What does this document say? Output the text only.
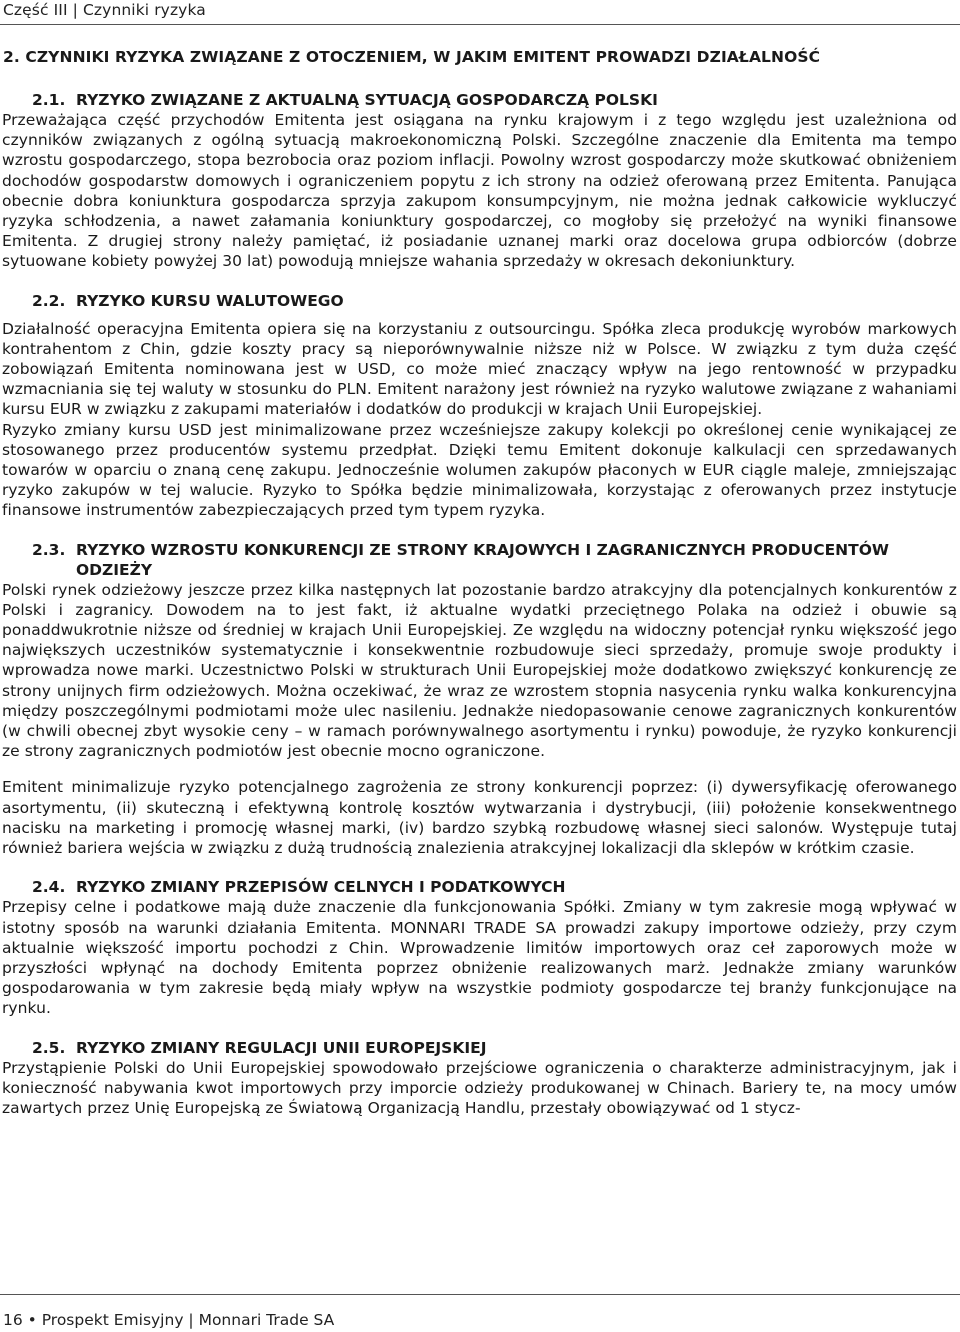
Część III | Czynniki ryzyka
2. CZYNNIKI RYZYKA ZWIĄZANE Z OTOCZENIEM, W JAKIM EMITENT PROWADZI DZIAŁALNOŚĆ
2.1. RYZYKO ZWIĄZANE Z AKTUALNĄ SYTUACJĄ GOSPODARCZĄ POLSKI

Przeważająca część przychodów Emitenta jest osiągana na rynku krajowym i z tego względu jest uzależniona od czynników związanych z ogólną sytuacją makroekonomiczną Polski. Szczególne znaczenie dla Emitenta ma tempo wzrostu gospodarczego, stopa bezrobocia oraz poziom inflacji. Powolny wzrost gospodarczy może skutkować obniżeniem dochodów gospodarstw domowych i ograniczeniem popytu z ich strony na odzież oferowaną przez Emitenta. Panująca obecnie dobra koniunktura gospodarcza sprzyja zakupom konsumpcyjnym, nie można jednak całkowicie wykluczyć ryzyka schłodzenia, a nawet załamania koniunktury gospodarczej, co mogłoby się przełożyć na wyniki finansowe Emitenta. Z drugiej strony należy pamiętać, iż posiadanie uznanej marki oraz docelowa grupa odbiorców (dobrze sytuowane kobiety powyżej 30 lat) powodują mniejsze wahania sprzedaży w okresach dekoniunktury.

2.2. RYZYKO KURSU WALUTOWEGO

Działalność operacyjna Emitenta opiera się na korzystaniu z outsourcingu. Spółka zleca produkcję wyrobów markowych kontrahentom z Chin, gdzie koszty pracy są nieporównywalnie niższe niż w Polsce. W związku z tym duża część zobowiązań Emitenta nominowana jest w USD, co może mieć znaczący wpływ na jego rentowność w przypadku wzmacniania się tej waluty w stosunku do PLN. Emitent narażony jest również na ryzyko walutowe związane z wahaniami kursu EUR w związku z zakupami materiałów i dodatków do produkcji w krajach Unii Europejskiej.

Ryzyko zmiany kursu USD jest minimalizowane przez wcześniejsze zakupy kolekcji po określonej cenie wynikającej ze stosowanego przez producentów systemu przedpłat. Dzięki temu Emitent dokonuje kalkulacji cen sprzedawanych towarów w oparciu o znaną cenę zakupu. Jednocześnie wolumen zakupów płaconych w EUR ciągle maleje, zmniejszając ryzyko zakupów w tej walucie. Ryzyko to Spółka będzie minimalizowała, korzystając z oferowanych przez instytucje finansowe instrumentów zabezpieczających przed tym typem ryzyka.

2.3. RYZYKO WZROSTU KONKURENCJI ZE STRONY KRAJOWYCH I ZAGRANICZNYCH PRODUCENTÓW ODZIEŻY

Polski rynek odzieżowy jeszcze przez kilka następnych lat pozostanie bardzo atrakcyjny dla potencjalnych konkurentów z Polski i zagranicy. Dowodem na to jest fakt, iż aktualne wydatki przeciętnego Polaka na odzież i obuwie są ponaddwukrotnie niższe od średniej w krajach Unii Europejskiej. Ze względu na widoczny potencjał rynku większość jego największych uczestników systematycznie i konsekwentnie rozbudowuje sieci sprzedaży, promuje swoje produkty i wprowadza nowe marki. Uczestnictwo Polski w strukturach Unii Europejskiej może dodatkowo zwiększyć konkurencję ze strony unijnych firm odzieżowych. Można oczekiwać, że wraz ze wzrostem stopnia nasycenia rynku walka konkurencyjna między poszczególnymi podmiotami może ulec nasileniu. Jednakże niedopasowanie cenowe zagranicznych konkurentów (w chwili obecnej zbyt wysokie ceny – w ramach porównywalnego asortymentu i rynku) powoduje, że ryzyko konkurencji ze strony zagranicznych podmiotów jest obecnie mocno ograniczone.

Emitent minimalizuje ryzyko potencjalnego zagrożenia ze strony konkurencji poprzez: (i) dywersyfikację oferowanego asortymentu, (ii) skuteczną i efektywną kontrolę kosztów wytwarzania i dystrybucji, (iii) położenie konsekwentnego nacisku na marketing i promocję własnej marki, (iv) bardzo szybką rozbudowę własnej sieci salonów. Występuje tutaj również bariera wejścia w związku z dużą trudnością znalezienia atrakcyjnej lokalizacji dla sklepów w krótkim czasie.

2.4. RYZYKO ZMIANY PRZEPISÓW CELNYCH I PODATKOWYCH

Przepisy celne i podatkowe mają duże znaczenie dla funkcjonowania Spółki. Zmiany w tym zakresie mogą wpływać w istotny sposób na warunki działania Emitenta. MONNARI TRADE SA prowadzi zakupy importowe odzieży, przy czym aktualnie większość importu pochodzi z Chin. Wprowadzenie limitów importowych oraz ceł zaporowych może w przyszłości wpłynąć na dochody Emitenta poprzez obniżenie realizowanych marż. Jednakże zmiany warunków gospodarowania w tym zakresie będą miały wpływ na wszystkie podmioty gospodarcze tej branży funkcjonujące na rynku.

2.5. RYZYKO ZMIANY REGULACJI UNII EUROPEJSKIEJ

Przystąpienie Polski do Unii Europejskiej spowodowało przejściowe ograniczenia o charakterze administracyjnym, jak i konieczność nabywania kwot importowych przy imporcie odzieży produkowanej w Chinach. Bariery te, na mocy umów zawartych przez Unię Europejską ze Światową Organizacją Handlu, przestały obowiązywać od 1 stycz-

16 • Prospekt Emisyjny | Monnari Trade SA
